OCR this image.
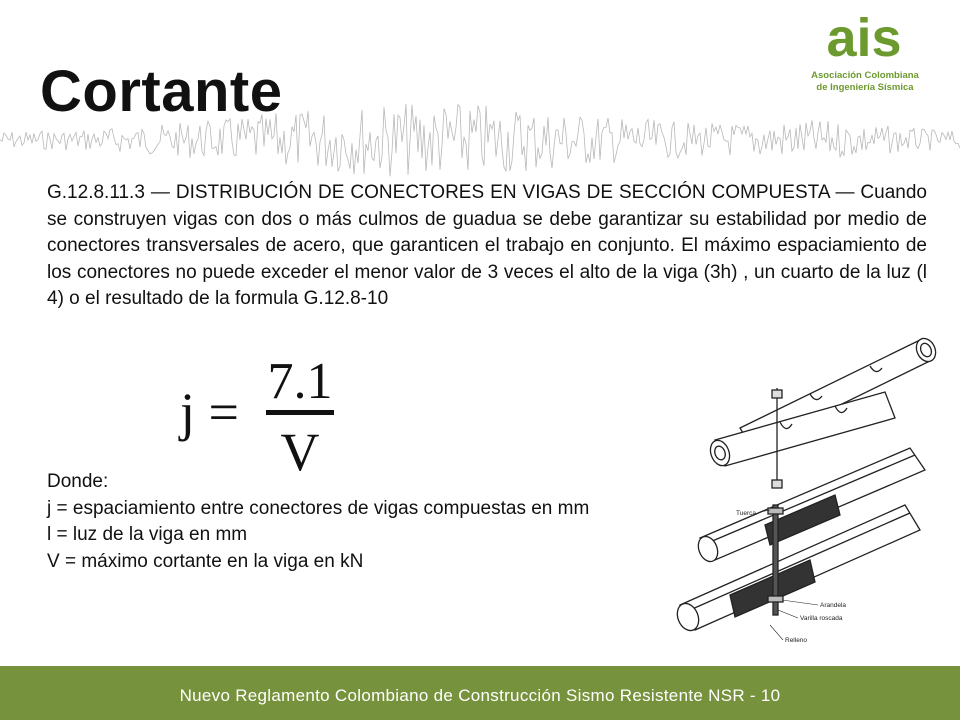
Cortante
ais
Asociación Colombiana
de Ingeniería Sísmica
G.12.8.11.3 — DISTRIBUCIÓN DE CONECTORES EN VIGAS DE SECCIÓN COMPUESTA — Cuando se construyen vigas con dos o más culmos de guadua se debe garantizar su estabilidad por medio de conectores transversales de acero, que garanticen el trabajo en conjunto. El máximo espaciamiento de los conectores no puede exceder el menor valor de 3 veces el alto de la viga (3h) , un cuarto de la luz (l 4) o el resultado de la formula G.12.8-10
j =
7.1
V
Donde:
j = espaciamiento entre conectores de vigas compuestas en mm
l = luz de la viga en mm
V = máximo cortante en la viga en kN
Tuerca
Arandela
Varilla roscada
Relleno
Nuevo Reglamento Colombiano de Construcción Sismo Resistente NSR - 10
